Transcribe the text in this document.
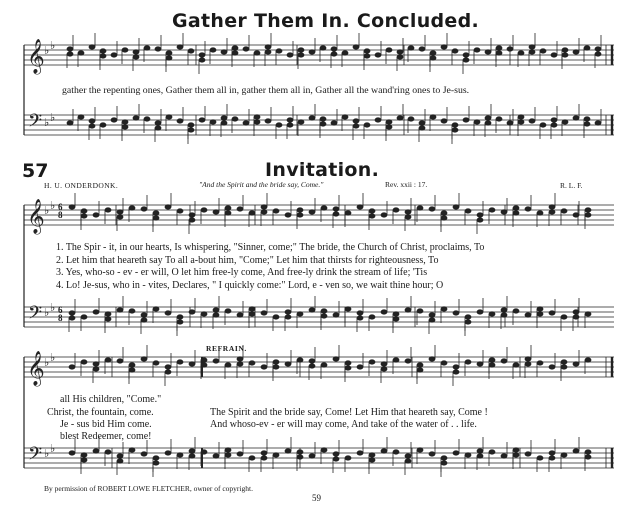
Gather Them In. Concluded.
𝄞
𝄢
𝄞
𝄢
𝄞
𝄢
♭ ♭
♭ ♭
♭ ♭
♭ ♭
♭ ♭
♭ ♭
gather the repenting ones, Gather them all in, gather them all in, Gather all the wand'ring ones to Je-sus.
57	Invitation.
H. U. ONDERDONK.	"And the Spirit and the bride say, Come."	Rev. xxii : 17.	R. L. F.
6
8
6
8
1. The Spir - it, in our hearts, Is whispering, "Sinner, come;" The bride, the Church of Christ, proclaims, To
2. Let him that heareth say To all a-bout him, "Come;" Let him that thirsts for righteousness, To
3. Yes, who-so - ev - er will, O let him free-ly come, And free-ly drink the stream of life; 'Tis
4. Lo! Je-sus, who in - vites, Declares, " I quickly come:" Lord, e - ven so, we wait thine hour; O
REFRAIN.
all His children, "Come."
Christ, the fountain, come.
Je - sus bid Him come.
blest Redeemer, come!
The Spirit and the bride say, Come! Let Him that heareth say, Come !
And whoso-ev - er will may come, And take of the water of . . life.
By permission of ROBERT LOWE FLETCHER, owner of copyright.
59
